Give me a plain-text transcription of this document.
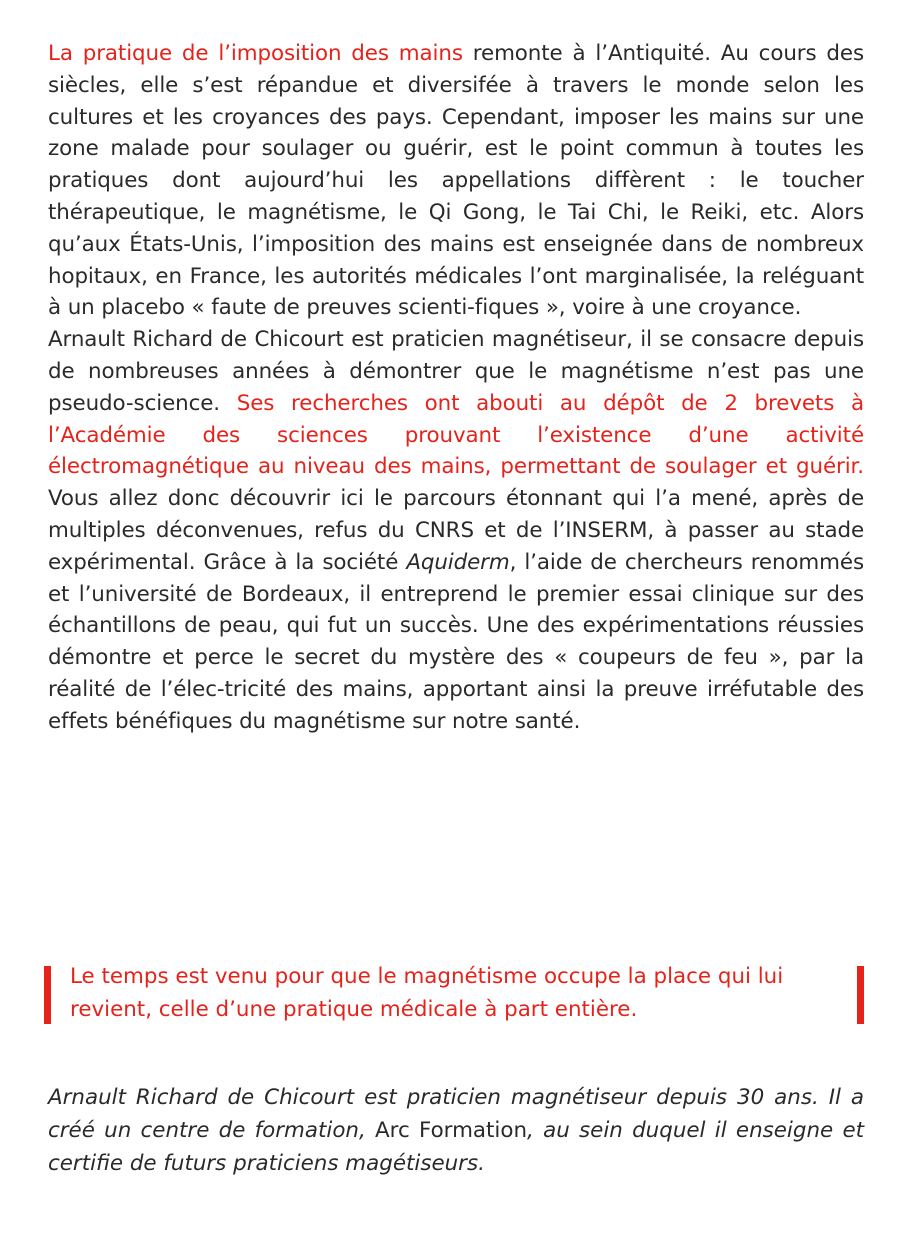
La pratique de l’imposition des mains remonte à l’Antiquité. Au cours des siècles, elle s’est répandue et diversifée à travers le monde selon les cultures et les croyances des pays. Cependant, imposer les mains sur une zone malade pour soulager ou guérir, est le point commun à toutes les pratiques dont aujourd’hui les appellations diffèrent : le toucher thérapeutique, le magnétisme, le Qi Gong, le Tai Chi, le Reiki, etc. Alors qu’aux États-Unis, l’imposition des mains est enseignée dans de nombreux hopitaux, en France, les autorités médicales l’ont marginalisée, la reléguant à un placebo « faute de preuves scienti-fiques », voire à une croyance.

Arnault Richard de Chicourt est praticien magnétiseur, il se consacre depuis de nombreuses années à démontrer que le magnétisme n’est pas une pseudo-science. Ses recherches ont abouti au dépôt de 2 brevets à l’Académie des sciences prouvant l’existence d’une activité électromagnétique au niveau des mains, permettant de soulager et guérir. Vous allez donc découvrir ici le parcours étonnant qui l’a mené, après de multiples déconvenues, refus du CNRS et de l’INSERM, à passer au stade expérimental. Grâce à la société Aquiderm, l’aide de chercheurs renommés et l’université de Bordeaux, il entreprend le premier essai clinique sur des échantillons de peau, qui fut un succès. Une des expérimentations réussies démontre et perce le secret du mystère des « coupeurs de feu », par la réalité de l’élec-tricité des mains, apportant ainsi la preuve irréfutable des effets bénéfiques du magnétisme sur notre santé.

Le temps est venu pour que le magnétisme occupe la place qui lui revient, celle d’une pratique médicale à part entière.
Arnault Richard de Chicourt est praticien magnétiseur depuis 30 ans. Il a créé un centre de formation, Arc Formation, au sein duquel il enseigne et certifie de futurs praticiens magétiseurs.
